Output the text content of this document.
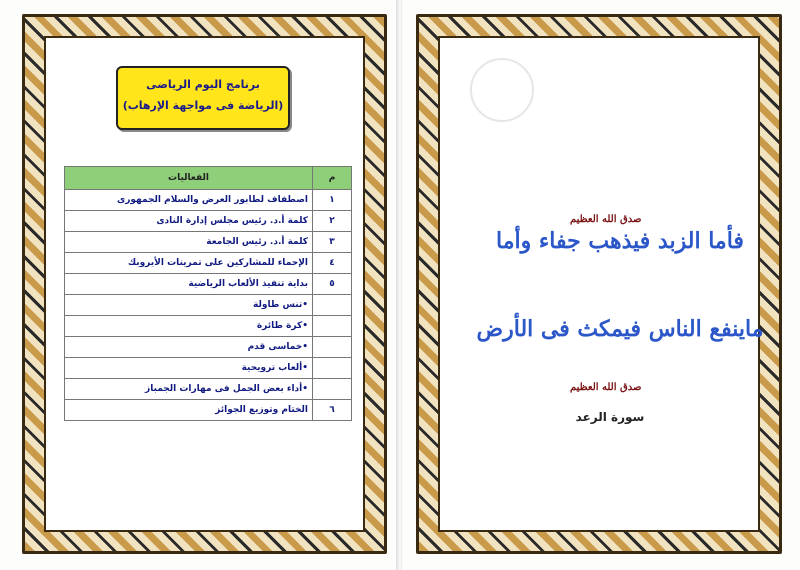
برنامج اليوم الرياضى
(الرياضة فى مواجهة الإرهاب)
م	الفعاليات
١	اصطفاف لطابور العرض والسلام الجمهورى
٢	كلمة أ.د. رئيس مجلس إدارة النادى
٣	كلمة أ.د. رئيس الجامعة
٤	الإحماء للمشاركين على تمرينات الأيروبك
٥	بداية تنفيذ الألعاب الرياضية
	•تنس طاولة
	•كرة طائرة
	•خماسى قدم
	•ألعاب ترويحية
	•أداء بعض الجمل فى مهارات الجمباز
٦	الختام وتوزيع الجوائز
صدق الله العظيم
فأما الزبد فيذهب جفاء وأما
ماينفع الناس فيمكث فى الأرض
صدق الله العظيم
سورة الرعد
